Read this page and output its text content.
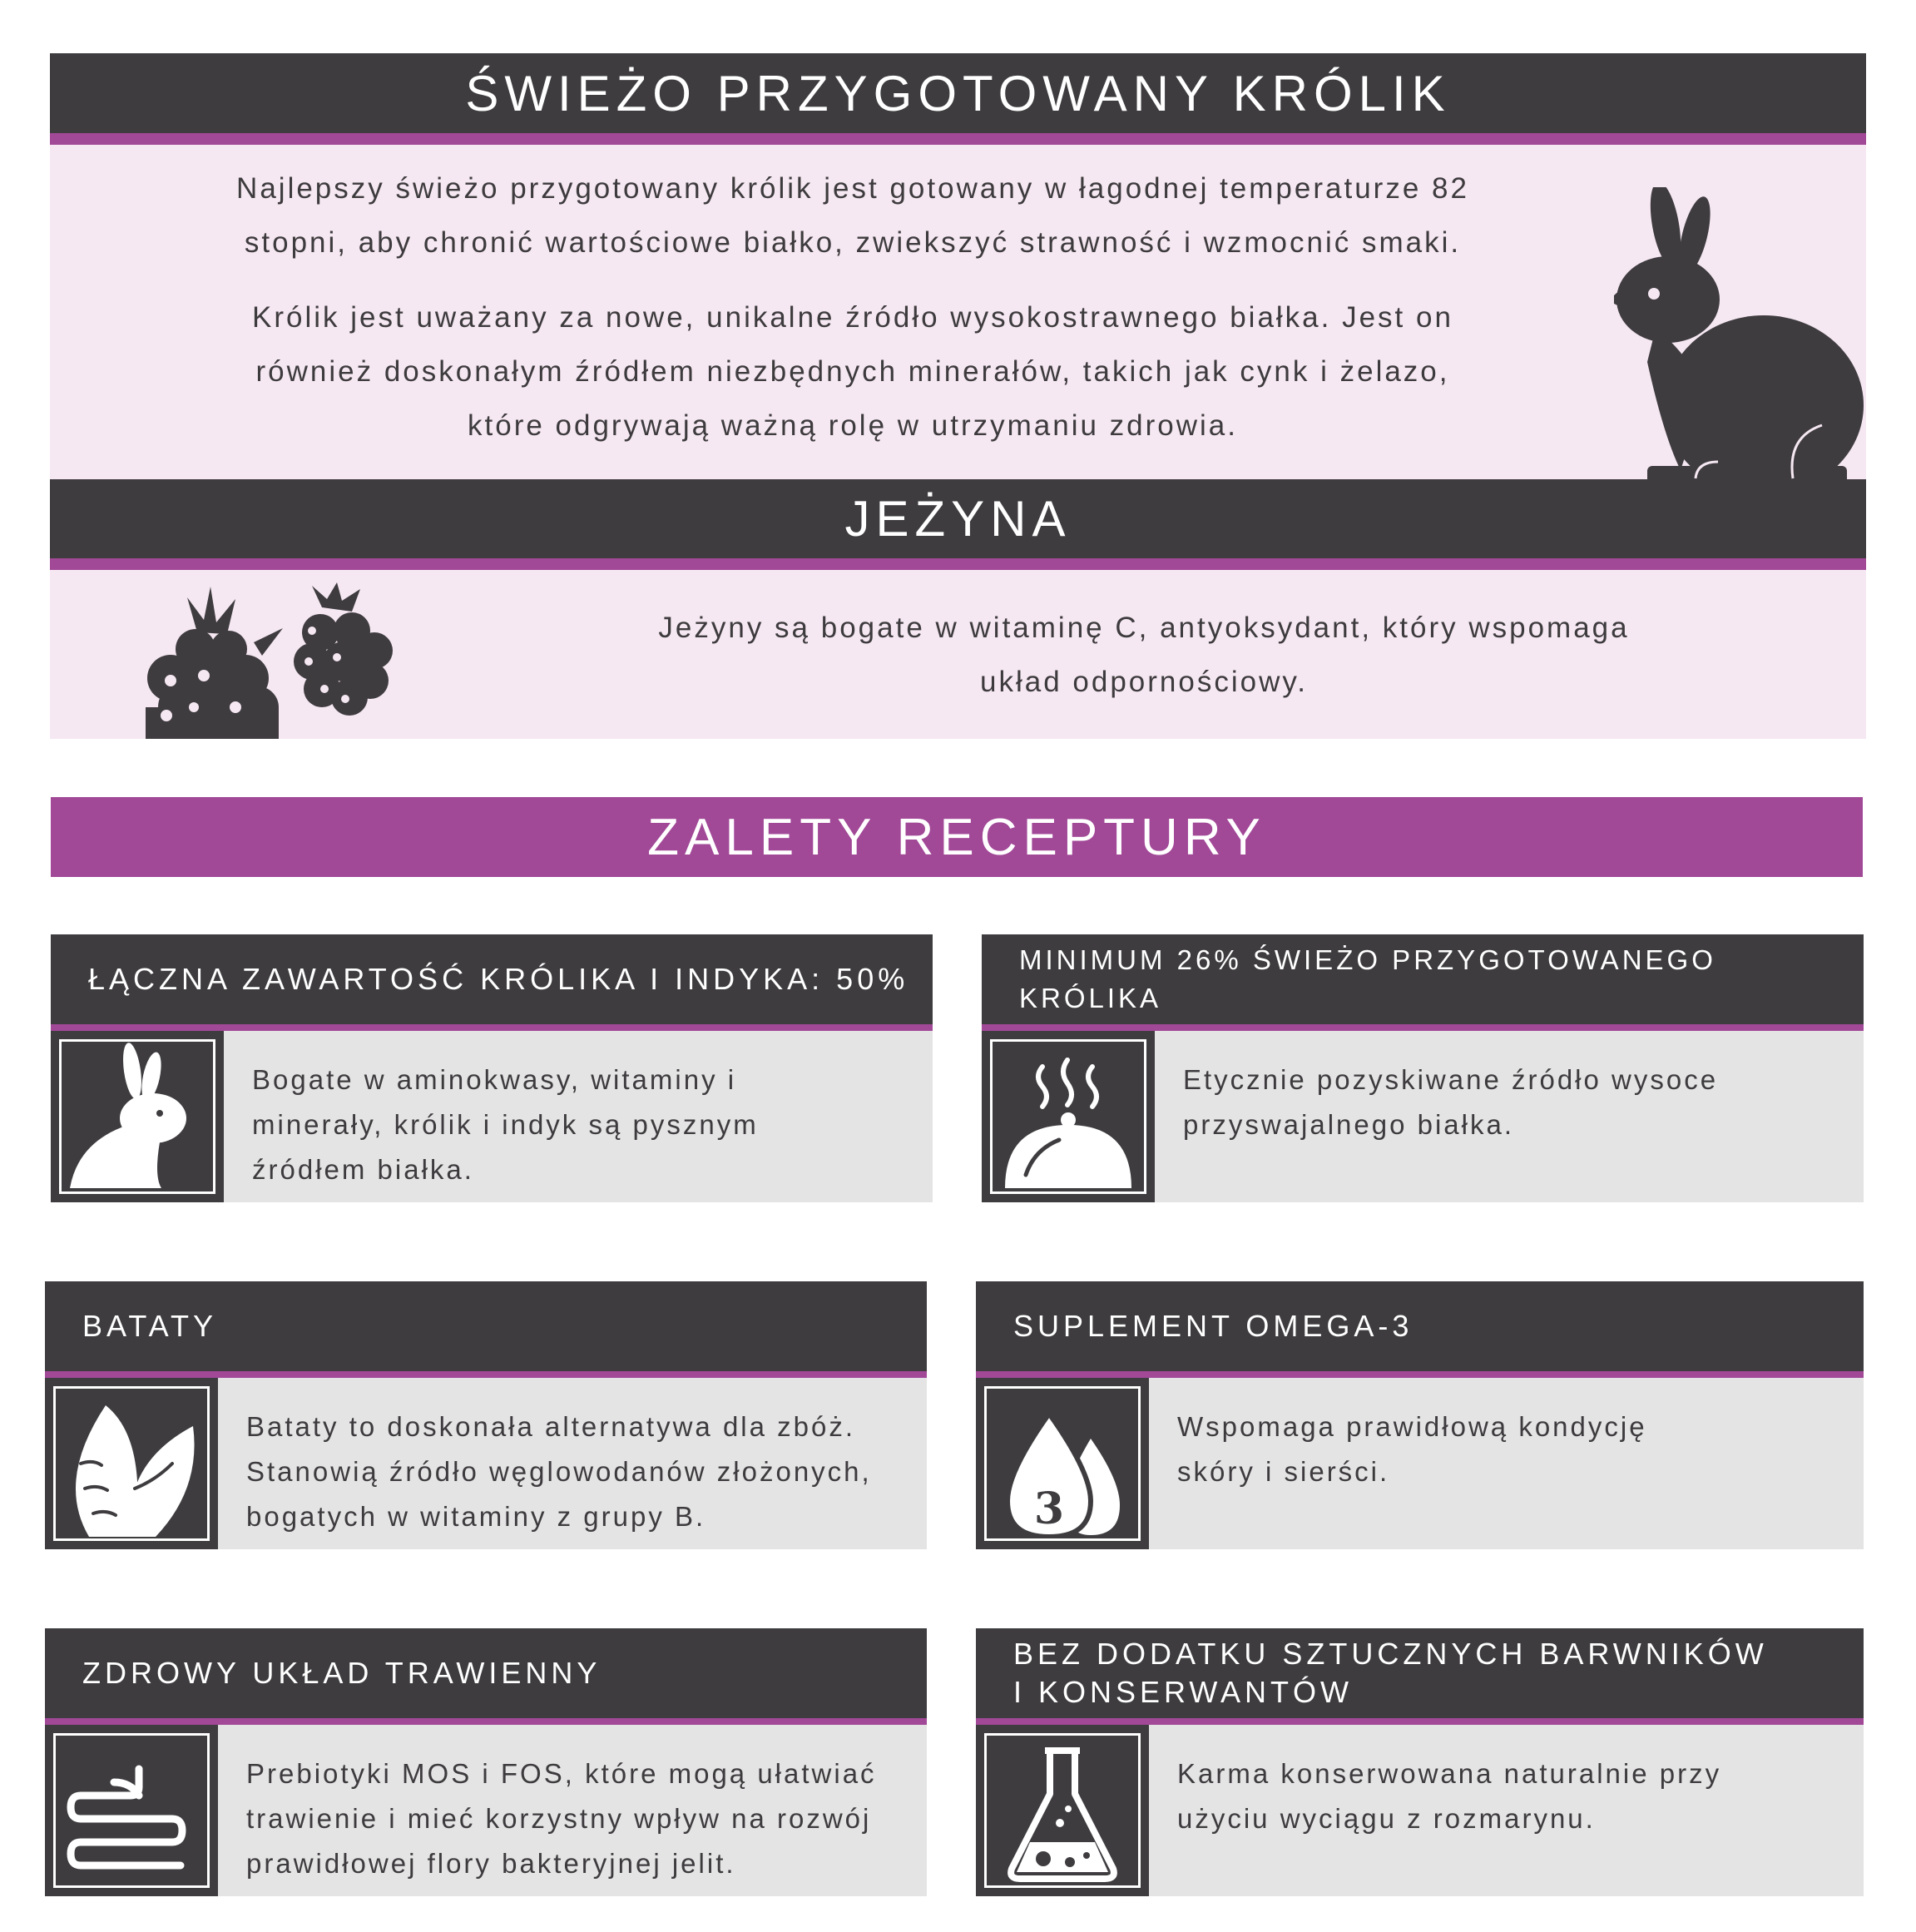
ŚWIEŻO PRZYGOTOWANY KRÓLIK

Najlepszy świeżo przygotowany królik jest gotowany w łagodnej temperaturze 82
stopni, aby chronić wartościowe białko, zwiekszyć strawność i wzmocnić smaki.

Królik jest uważany za nowe, unikalne źródło wysokostrawnego białka. Jest on
również doskonałym źródłem niezbędnych minerałów, takich jak cynk i żelazo,
które odgrywają ważną rolę w utrzymaniu zdrowia.

JEŻYNA

Jeżyny są bogate w witaminę C, antyoksydant, który wspomaga
układ odpornościowy.

ZALETY RECEPTURY
ŁĄCZNA ZAWARTOŚĆ KRÓLIKA I INDYKA: 50%

Bogate w aminokwasy, witaminy i
minerały, królik i indyk są pysznym
źródłem białka.

MINIMUM 26% ŚWIEŻO PRZYGOTOWANEGO KRÓLIKA

Etycznie pozyskiwane źródło wysoce
przyswajalnego białka.

BATATY

Bataty to doskonała alternatywa dla zbóż.
Stanowią źródło węglowodanów złożonych,
bogatych w witaminy z grupy B.

SUPLEMENT OMEGA-3
3

Wspomaga prawidłową kondycję
skóry i sierści.

ZDROWY UKŁAD TRAWIENNY

Prebiotyki MOS i FOS, które mogą ułatwiać
trawienie i mieć korzystny wpływ na rozwój
prawidłowej flory bakteryjnej jelit.

BEZ DODATKU SZTUCZNYCH BARWNIKÓW
I KONSERWANTÓW

Karma konserwowana naturalnie przy
użyciu wyciągu z rozmarynu.
